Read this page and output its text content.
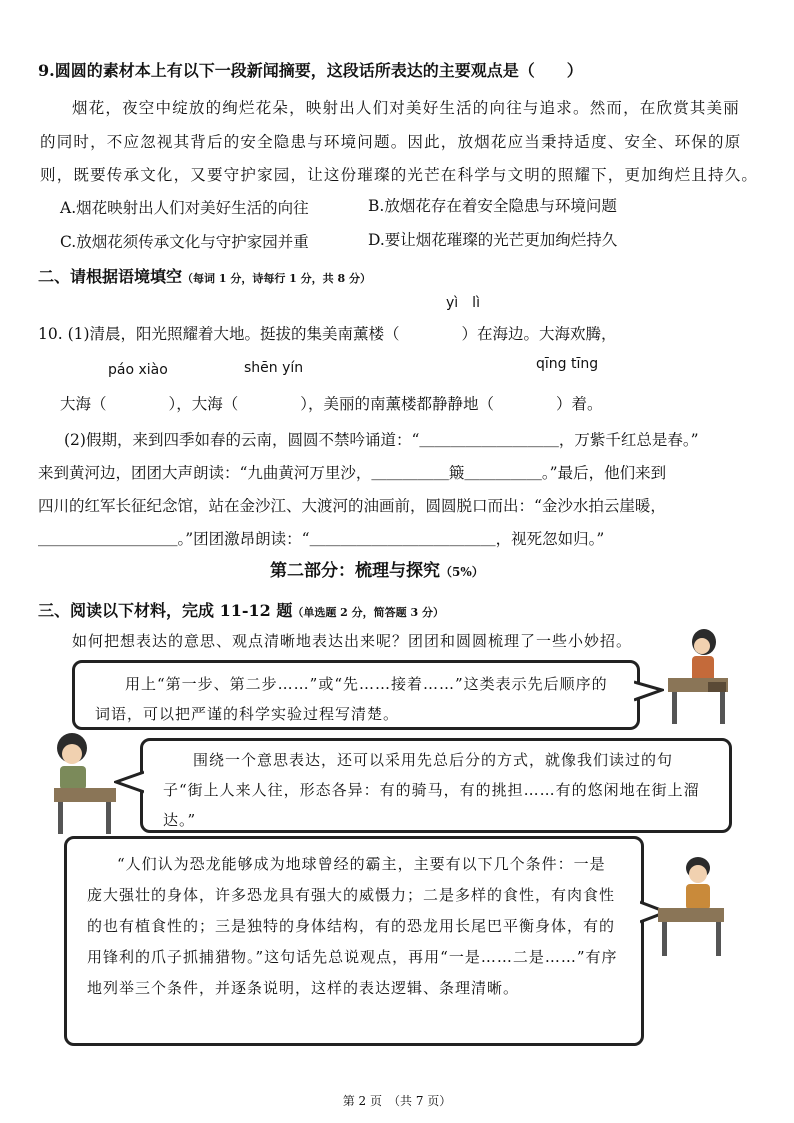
9.圆圆的素材本上有以下一段新闻摘要，这段话所表达的主要观点是（　　）
烟花，夜空中绽放的绚烂花朵，映射出人们对美好生活的向往与追求。然而，在欣赏其美丽
的同时，不应忽视其背后的安全隐患与环境问题。因此，放烟花应当秉持适度、安全、环保的原
则，既要传承文化，又要守护家园，让这份璀璨的光芒在科学与文明的照耀下，更加绚烂且持久。
A.烟花映射出人们对美好生活的向往	B.放烟花存在着安全隐患与环境问题
C.放烟花须传承文化与守护家园并重	D.要让烟花璀璨的光芒更加绚烂持久
二、请根据语境填空（每词 1 分，诗每行 1 分，共 8 分）
yì　lì
10. (1)清晨，阳光照耀着大地。挺拔的集美南薰楼（　　　　）在海边。大海欢腾，
páo xiào	shēn yín	qīng tīng
大海（　　　　），大海（　　　　），美丽的南薰楼都静静地（　　　　）着。
(2)假期，来到四季如春的云南，圆圆不禁吟诵道：“＿＿＿＿＿＿＿＿＿，万紫千红总是春。”
来到黄河边，团团大声朗读：“九曲黄河万里沙，＿＿＿＿＿簸＿＿＿＿＿。”最后，他们来到
四川的红军长征纪念馆，站在金沙江、大渡河的油画前，圆圆脱口而出：“金沙水拍云崖暖，
＿＿＿＿＿＿＿＿＿。”团团激昂朗读：“＿＿＿＿＿＿＿＿＿＿＿＿，视死忽如归。”
第二部分：梳理与探究（5%）
三、阅读以下材料，完成 11-12 题（单选题 2 分，简答题 3 分）
如何把想表达的意思、观点清晰地表达出来呢？团团和圆圆梳理了一些小妙招。
用上“第一步、第二步……”或“先……接着……”这类表示先后顺序的词语，可以把严谨的科学实验过程写清楚。
围绕一个意思表达，还可以采用先总后分的方式，就像我们读过的句子“街上人来人往，形态各异：有的骑马，有的挑担……有的悠闲地在街上溜达。”
“人们认为恐龙能够成为地球曾经的霸主，主要有以下几个条件：一是庞大强壮的身体，许多恐龙具有强大的威慑力；二是多样的食性，有肉食性的也有植食性的；三是独特的身体结构，有的恐龙用长尾巴平衡身体，有的用锋利的爪子抓捕猎物。”这句话先总说观点，再用“一是……二是……”有序地列举三个条件，并逐条说明，这样的表达逻辑、条理清晰。
第 2 页　（共 7 页）
